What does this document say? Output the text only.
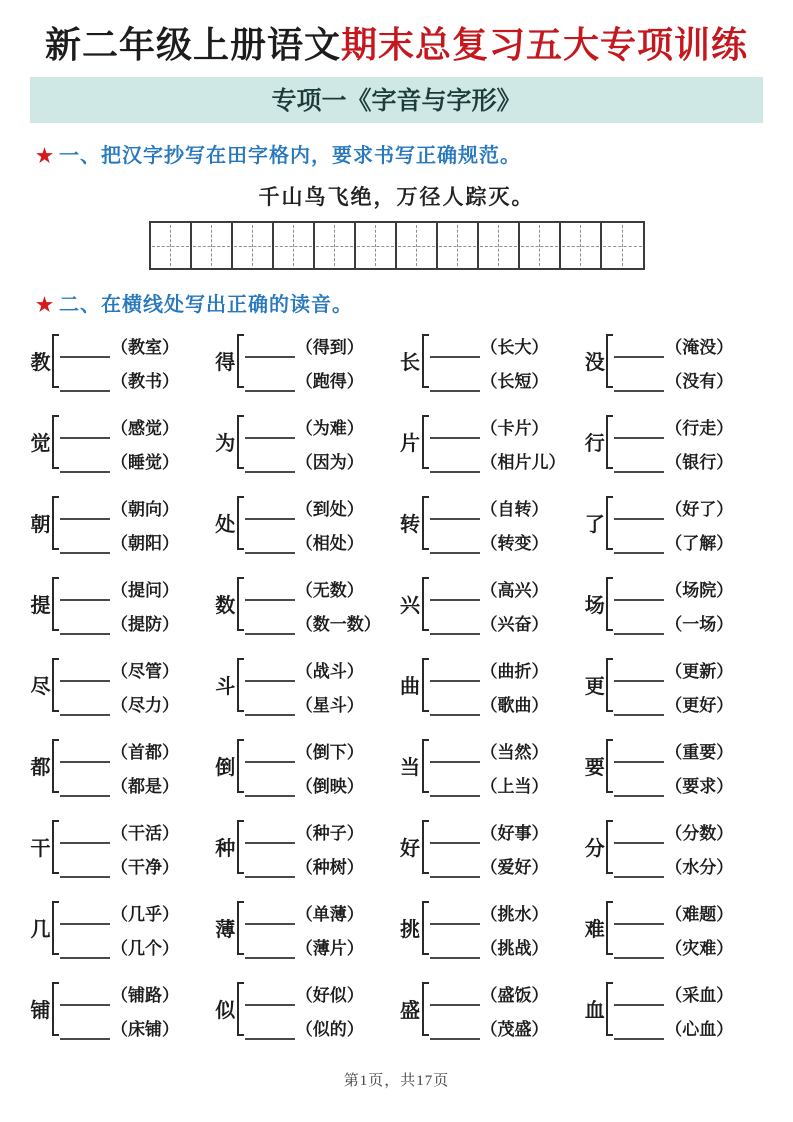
新二年级上册语文期末总复习五大专项训练
专项一《字音与字形》
★ 一、把汉字抄写在田字格内，要求书写正确规范。
千山鸟飞绝，万径人踪灭。
★ 二、在横线处写出正确的读音。
教
（教室）
（教书）
得
（得到）
（跑得）
长
（长大）
（长短）
没
（淹没）
（没有）
觉
（感觉）
（睡觉）
为
（为难）
（因为）
片
（卡片）
（相片儿）
行
（行走）
（银行）
朝
（朝向）
（朝阳）
处
（到处）
（相处）
转
（自转）
（转变）
了
（好了）
（了解）
提
（提问）
（提防）
数
（无数）
（数一数）
兴
（高兴）
（兴奋）
场
（场院）
（一场）
尽
（尽管）
（尽力）
斗
（战斗）
（星斗）
曲
（曲折）
（歌曲）
更
（更新）
（更好）
都
（首都）
（都是）
倒
（倒下）
（倒映）
当
（当然）
（上当）
要
（重要）
（要求）
干
（干活）
（干净）
种
（种子）
（种树）
好
（好事）
（爱好）
分
（分数）
（水分）
几
（几乎）
（几个）
薄
（单薄）
（薄片）
挑
（挑水）
（挑战）
难
（难题）
（灾难）
铺
（铺路）
（床铺）
似
（好似）
（似的）
盛
（盛饭）
（茂盛）
血
（采血）
（心血）
第1页，共17页
